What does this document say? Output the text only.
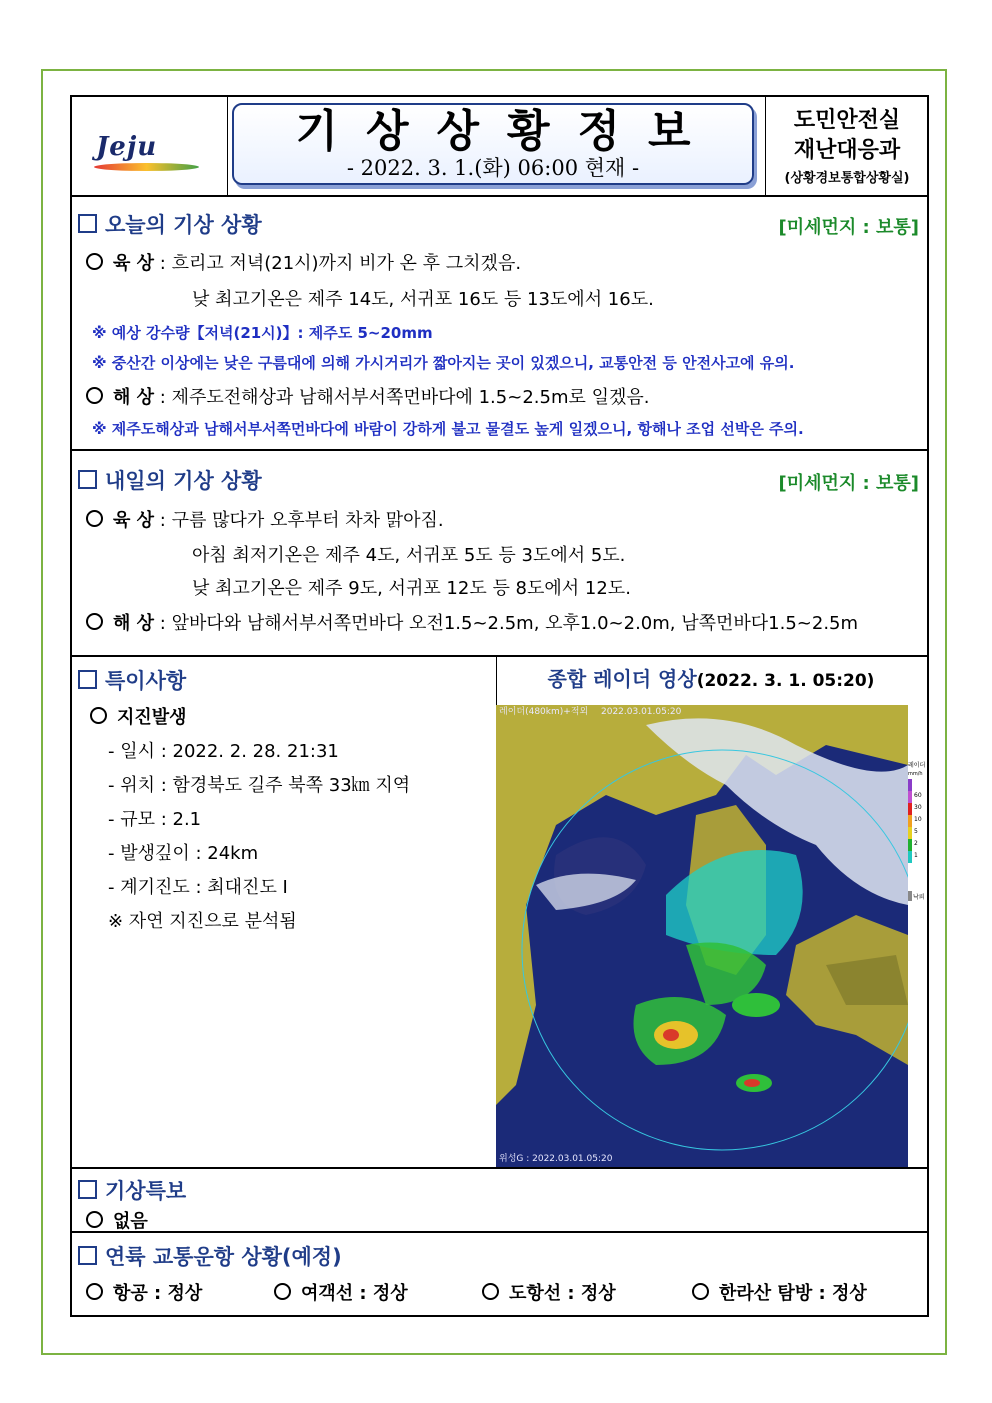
Jeju	기상상황정보
- 2022. 3. 1.(화) 06:00 현재 -
도민안전실
재난대응과
(상황경보통합상황실)
오늘의 기상 상황	[미세먼지 : 보통]
육 상 : 흐리고 저녁(21시)까지 비가 온 후 그치겠음.
낮 최고기온은 제주 14도, 서귀포 16도 등 13도에서 16도.
※ 예상 강수량【저녁(21시)】: 제주도 5~20mm
※ 중산간 이상에는 낮은 구름대에 의해 가시거리가 짧아지는 곳이 있겠으니, 교통안전 등 안전사고에 유의.
해 상 : 제주도전해상과 남해서부서쪽먼바다에 1.5~2.5m로 일겠음.
※ 제주도해상과 남해서부서쪽먼바다에 바람이 강하게 불고 물결도 높게 일겠으니, 항해나 조업 선박은 주의.
내일의 기상 상황	[미세먼지 : 보통]
육 상 : 구름 많다가 오후부터 차차 맑아짐.
아침 최저기온은 제주 4도, 서귀포 5도 등 3도에서 5도.
낮 최고기온은 제주 9도, 서귀포 12도 등 8도에서 12도.
해 상 : 앞바다와 남해서부서쪽먼바다 오전1.5~2.5m, 오후1.0~2.0m, 남쪽먼바다1.5~2.5m
특이사항
지진발생
- 일시 : 2022. 2. 28. 21:31
- 위치 : 함경북도 길주 북쪽 33㎞ 지역
- 규모 : 2.1
- 발생깊이 : 24km
- 계기진도 : 최대진도 Ⅰ
※ 자연 지진으로 분석됨
종합 레이더 영상(2022. 3. 1. 05:20)
레이더(480km)+적외 2022.03.01.05:20
위성G : 2022.03.01.05:20
레이더
mm/h
60
30
10
5
2
1
낙뢰
기상특보
없음
연륙 교통운항 상황(예정)
항공 : 정상	여객선 : 정상	도항선 : 정상	한라산 탐방 : 정상
